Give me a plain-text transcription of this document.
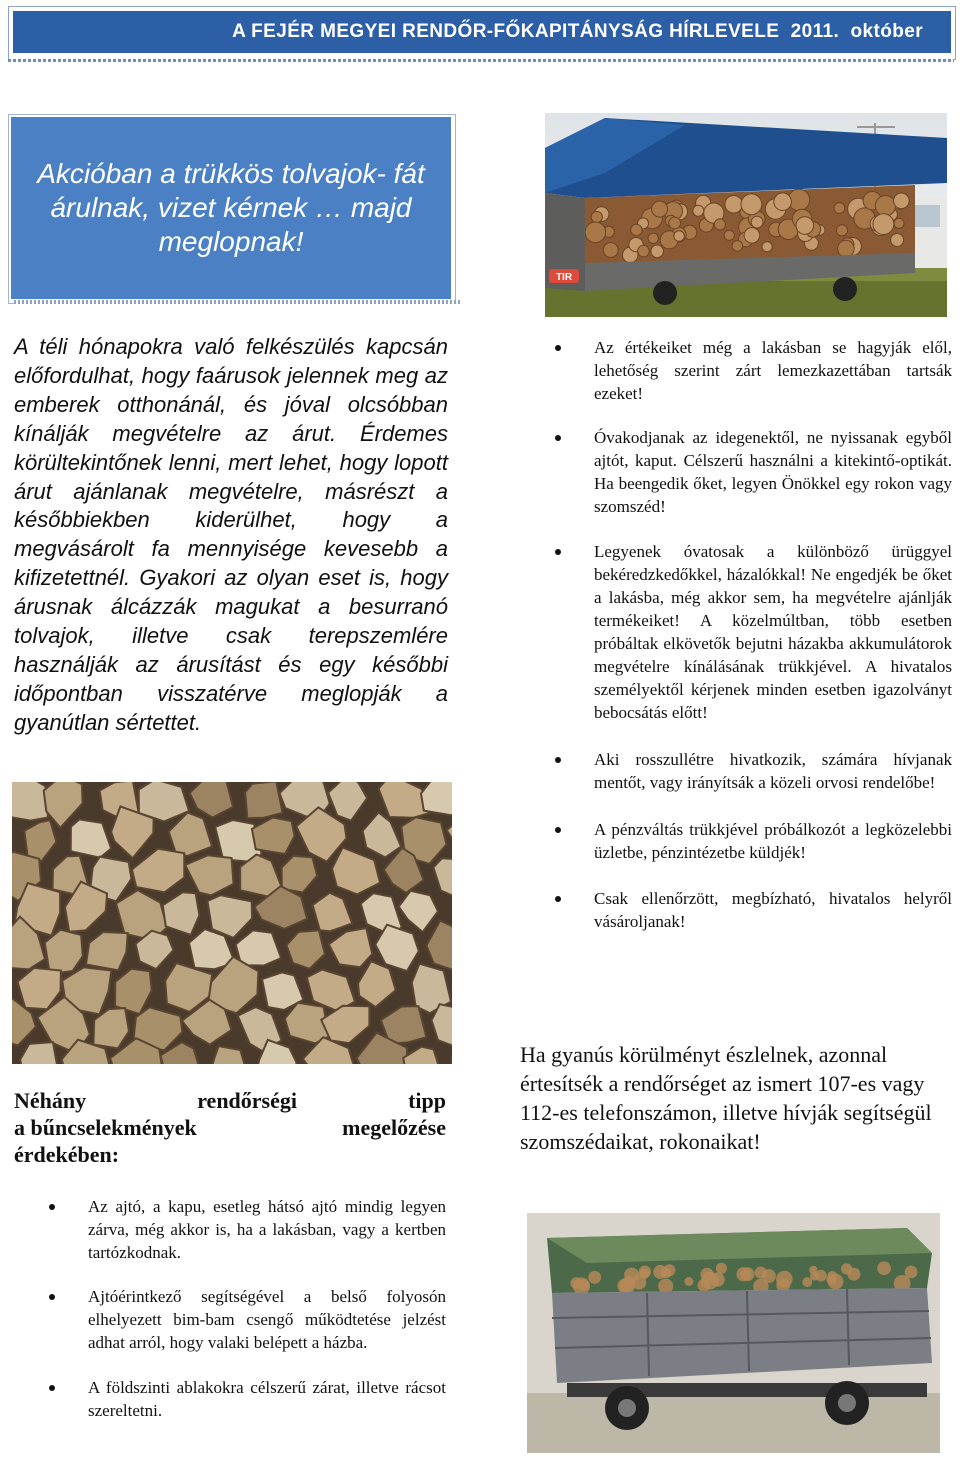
A FEJÉR MEGYEI RENDŐR-FŐKAPITÁNYSÁG HÍRLEVELE  2011.  október
Akcióban a trükkös tolvajok- fát árulnak, vizet kérnek … majd meglopnak!

A téli hónapokra való felkészülés kapcsán előfordulhat, hogy faárusok jelennek meg az emberek otthonánál, és jóval olcsóbban kínálják megvételre az árut. Érdemes körültekintőnek lenni, mert lehet, hogy lopott árut ajánlanak megvételre, másrészt a későbbiekben kiderülhet, hogy a megvásárolt fa mennyisége kevesebb a kifizetettnél. Gyakori az olyan eset is, hogy árusnak álcázzák magukat a besurranó tolvajok, illetve csak terepszemlére használják az árusítást és egy későbbi időpontban visszatérve meglopják a gyanútlan sértettet.

TIR
Néhány	rendőrségi	tipp
a bűncselekmények	megelőzése
érdekében:
Az ajtó, a kapu, esetleg hátsó ajtó mindig legyen zárva, még akkor is, ha a lakásban, vagy a kertben tartózkodnak.
Ajtóérintkező segítségével a belső folyosón elhelyezett bim-bam csengő működtetése jelzést adhat arról, hogy valaki belépett a házba.
A földszinti ablakokra célszerű zárat, illetve rácsot szereltetni.
Az értékeiket még a lakásban se hagyják elől, lehetőség szerint zárt lemezkazettában tartsák ezeket!
Óvakodjanak az idegenektől, ne nyissanak egyből ajtót, kaput. Célszerű használni a kitekintő-optikát. Ha beengedik őket, legyen Önökkel egy rokon vagy szomszéd!
Legyenek óvatosak a különböző ürüggyel bekéredzkedőkkel, házalókkal! Ne engedjék be őket a lakásba, még akkor sem, ha megvételre ajánlják termékeiket! A közelmúltban, több esetben próbáltak elkövetők bejutni házakba akkumulátorok megvételre kínálásának trükkjével. A hivatalos személyektől kérjenek minden esetben igazolványt bebocsátás előtt!
Aki rosszullétre hivatkozik, számára hívjanak mentőt, vagy irányítsák a közeli orvosi rendelőbe!
A pénzváltás trükkjével próbálkozót a legközelebbi üzletbe, pénzintézetbe küldjék!
Csak ellenőrzött, megbízható, hivatalos helyről vásároljanak!

Ha gyanús körülményt észlelnek, azonnal értesítsék a rendőrséget az ismert 107-es vagy 112-es telefonszámon, illetve hívják segítségül szomszédaikat, rokonaikat!
